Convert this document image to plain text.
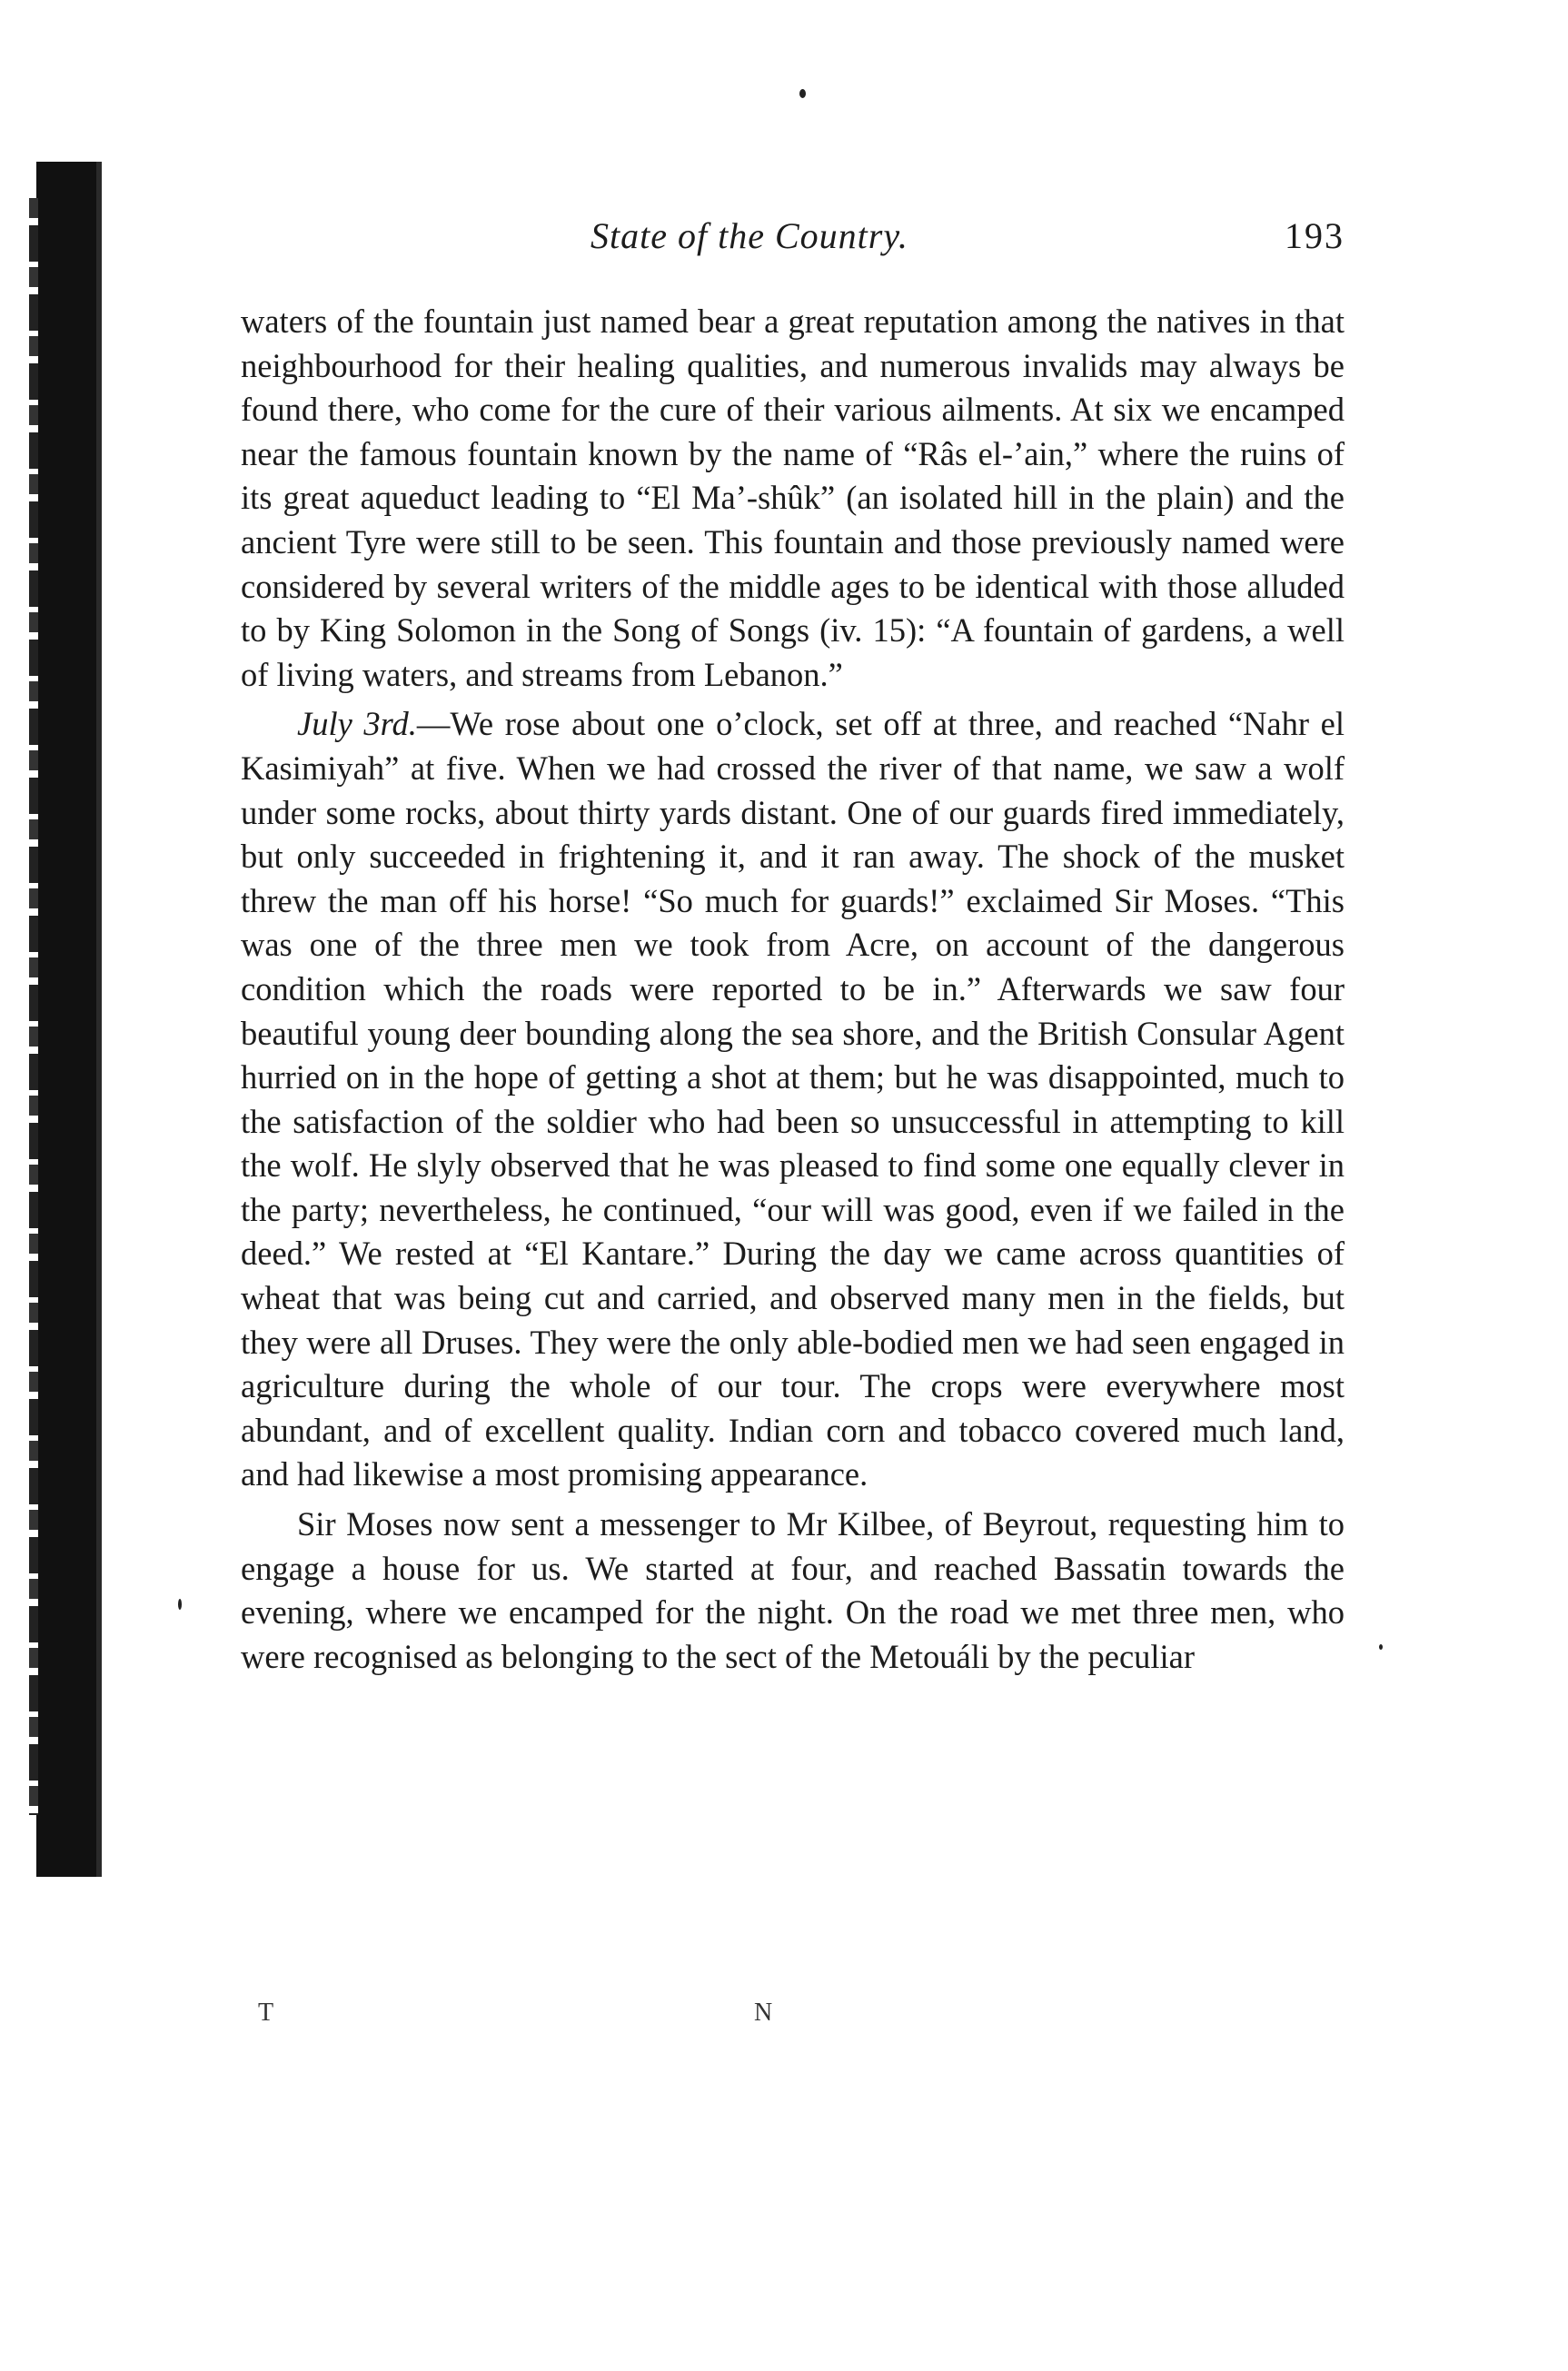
State of the Country.	193

waters of the fountain just named bear a great reputation among the natives in that neighbourhood for their healing qualities, and numerous invalids may always be found there, who come for the cure of their various ailments. At six we encamped near the famous fountain known by the name of “Râs el-’ain,” where the ruins of its great aqueduct leading to “El Ma’-shûk” (an isolated hill in the plain) and the ancient Tyre were still to be seen. This fountain and those previously named were considered by several writers of the middle ages to be identical with those alluded to by King Solomon in the Song of Songs (iv. 15): “A fountain of gardens, a well of living waters, and streams from Lebanon.”

July 3rd.—We rose about one o’clock, set off at three, and reached “Nahr el Kasimiyah” at five. When we had crossed the river of that name, we saw a wolf under some rocks, about thirty yards distant. One of our guards fired immediately, but only succeeded in frightening it, and it ran away. The shock of the musket threw the man off his horse! “So much for guards!” exclaimed Sir Moses. “This was one of the three men we took from Acre, on account of the dangerous condition which the roads were reported to be in.” Afterwards we saw four beautiful young deer bounding along the sea shore, and the British Consular Agent hurried on in the hope of getting a shot at them; but he was disappointed, much to the satisfaction of the soldier who had been so unsuccessful in attempting to kill the wolf. He slyly observed that he was pleased to find some one equally clever in the party; nevertheless, he continued, “our will was good, even if we failed in the deed.” We rested at “El Kantare.” During the day we came across quantities of wheat that was being cut and carried, and observed many men in the fields, but they were all Druses. They were the only able-bodied men we had seen engaged in agriculture during the whole of our tour. The crops were everywhere most abundant, and of excellent quality. Indian corn and tobacco covered much land, and had likewise a most promising appearance.

Sir Moses now sent a messenger to Mr Kilbee, of Beyrout, requesting him to engage a house for us. We started at four, and reached Bassatin towards the evening, where we encamped for the night. On the road we met three men, who were recognised as belonging to the sect of the Metouáli by the peculiar

T	N
